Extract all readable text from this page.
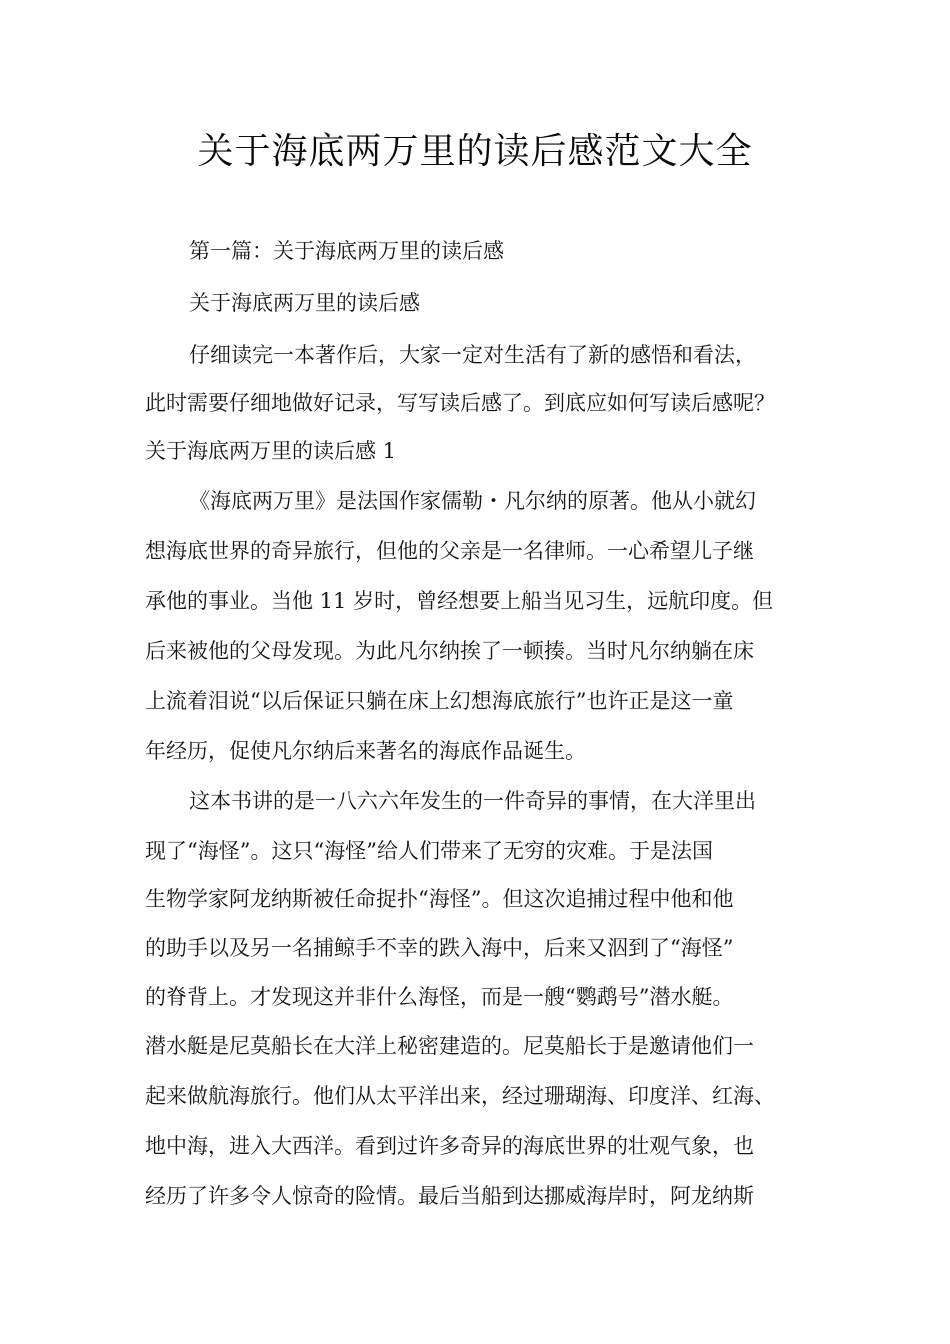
关于海底两万里的读后感范文大全
第一篇：关于海底两万里的读后感
关于海底两万里的读后感
仔细读完一本著作后，大家一定对生活有了新的感悟和看法，
此时需要仔细地做好记录，写写读后感了。到底应如何写读后感呢？
关于海底两万里的读后感 1
《海底两万里》是法国作家儒勒・凡尔纳的原著。他从小就幻
想海底世界的奇异旅行，但他的父亲是一名律师。一心希望儿子继
承他的事业。当他 11 岁时，曾经想要上船当见习生，远航印度。但
后来被他的父母发现。为此凡尔纳挨了一顿揍。当时凡尔纳躺在床
上流着泪说“以后保证只躺在床上幻想海底旅行”也许正是这一童
年经历，促使凡尔纳后来著名的海底作品诞生。
这本书讲的是一八六六年发生的一件奇异的事情，在大洋里出
现了“海怪”。这只“海怪”给人们带来了无穷的灾难。于是法国
生物学家阿龙纳斯被任命捉扑“海怪”。但这次追捕过程中他和他
的助手以及另一名捕鲸手不幸的跌入海中，后来又泅到了“海怪”
的脊背上。才发现这并非什么海怪，而是一艘“鹦鹉号”潜水艇。
潜水艇是尼莫船长在大洋上秘密建造的。尼莫船长于是邀请他们一
起来做航海旅行。他们从太平洋出来，经过珊瑚海、印度洋、红海、
地中海，进入大西洋。看到过许多奇异的海底世界的壮观气象，也
经历了许多令人惊奇的险情。最后当船到达挪威海岸时，阿龙纳斯
